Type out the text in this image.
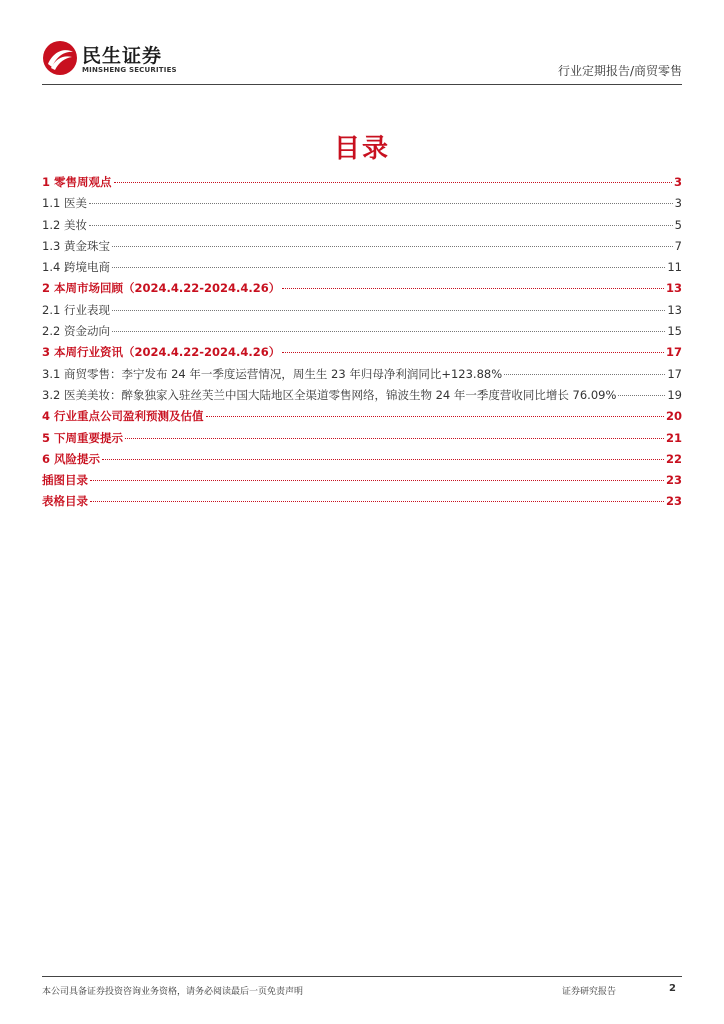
民生证券
MINSHENG SECURITIES	行业定期报告/商贸零售
目录
1 零售周观点	3
1.1 医美	3
1.2 美妆	5
1.3 黄金珠宝	7
1.4 跨境电商	11
2 本周市场回顾（2024.4.22-2024.4.26）	13
2.1 行业表现	13
2.2 资金动向	15
3 本周行业资讯（2024.4.22-2024.4.26）	17
3.1 商贸零售：李宁发布 24 年一季度运营情况，周生生 23 年归母净利润同比+123.88%	17
3.2 医美美妆：醉象独家入驻丝芙兰中国大陆地区全渠道零售网络，锦波生物 24 年一季度营收同比增长 76.09%	19
4 行业重点公司盈利预测及估值	20
5 下周重要提示	21
6 风险提示	22
插图目录	23
表格目录	23
本公司具备证券投资咨询业务资格，请务必阅读最后一页免责声明	证券研究报告	2
